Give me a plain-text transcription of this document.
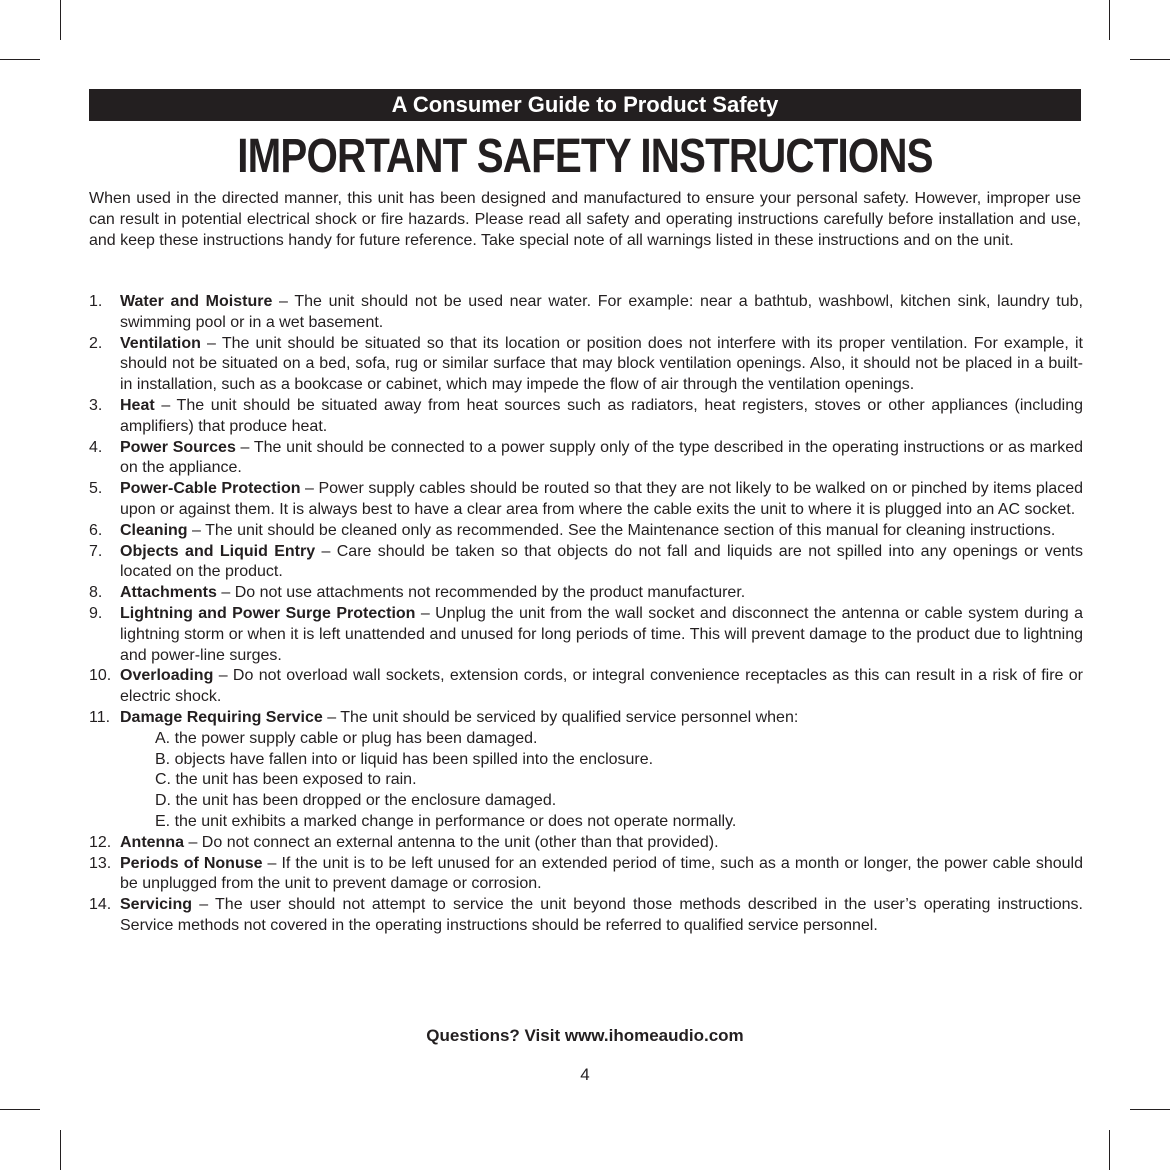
A Consumer Guide to Product Safety
IMPORTANT SAFETY INSTRUCTIONS
When used in the directed manner, this unit has been designed and manufactured to ensure your personal safety. However, improper use can result in potential electrical shock or fire hazards. Please read all safety and operating instructions carefully before installation and use, and keep these instructions handy for future reference. Take special note of all warnings listed in these instructions and on the unit.
1. Water and Moisture – The unit should not be used near water. For example: near a bathtub, washbowl, kitchen sink, laundry tub, swimming pool or in a wet basement.
2. Ventilation – The unit should be situated so that its location or position does not interfere with its proper ventilation. For example, it should not be situated on a bed, sofa, rug or similar surface that may block ventilation openings. Also, it should not be placed in a built-in installation, such as a bookcase or cabinet, which may impede the flow of air through the ventilation openings.
3. Heat – The unit should be situated away from heat sources such as radiators, heat registers, stoves or other appliances (including amplifiers) that produce heat.
4. Power Sources – The unit should be connected to a power supply only of the type described in the operating instructions or as marked on the appliance.
5. Power-Cable Protection – Power supply cables should be routed so that they are not likely to be walked on or pinched by items placed upon or against them. It is always best to have a clear area from where the cable exits the unit to where it is plugged into an AC socket.
6. Cleaning – The unit should be cleaned only as recommended. See the Maintenance section of this manual for cleaning instructions.
7. Objects and Liquid Entry – Care should be taken so that objects do not fall and liquids are not spilled into any openings or vents located on the product.
8. Attachments – Do not use attachments not recommended by the product manufacturer.
9. Lightning and Power Surge Protection – Unplug the unit from the wall socket and disconnect the antenna or cable system during a lightning storm or when it is left unattended and unused for long periods of time. This will prevent damage to the product due to lightning and power-line surges.
10. Overloading – Do not overload wall sockets, extension cords, or integral convenience receptacles as this can result in a risk of fire or electric shock.
11. Damage Requiring Service – The unit should be serviced by qualified service personnel when:
A. the power supply cable or plug has been damaged.
B. objects have fallen into or liquid has been spilled into the enclosure.
C. the unit has been exposed to rain.
D. the unit has been dropped or the enclosure damaged.
E. the unit exhibits a marked change in performance or does not operate normally.
12. Antenna – Do not connect an external antenna to the unit (other than that provided).
13. Periods of Nonuse – If the unit is to be left unused for an extended period of time, such as a month or longer, the power cable should be unplugged from the unit to prevent damage or corrosion.
14. Servicing – The user should not attempt to service the unit beyond those methods described in the user’s operating instructions. Service methods not covered in the operating instructions should be referred to qualified service personnel.
Questions? Visit www.ihomeaudio.com
4
